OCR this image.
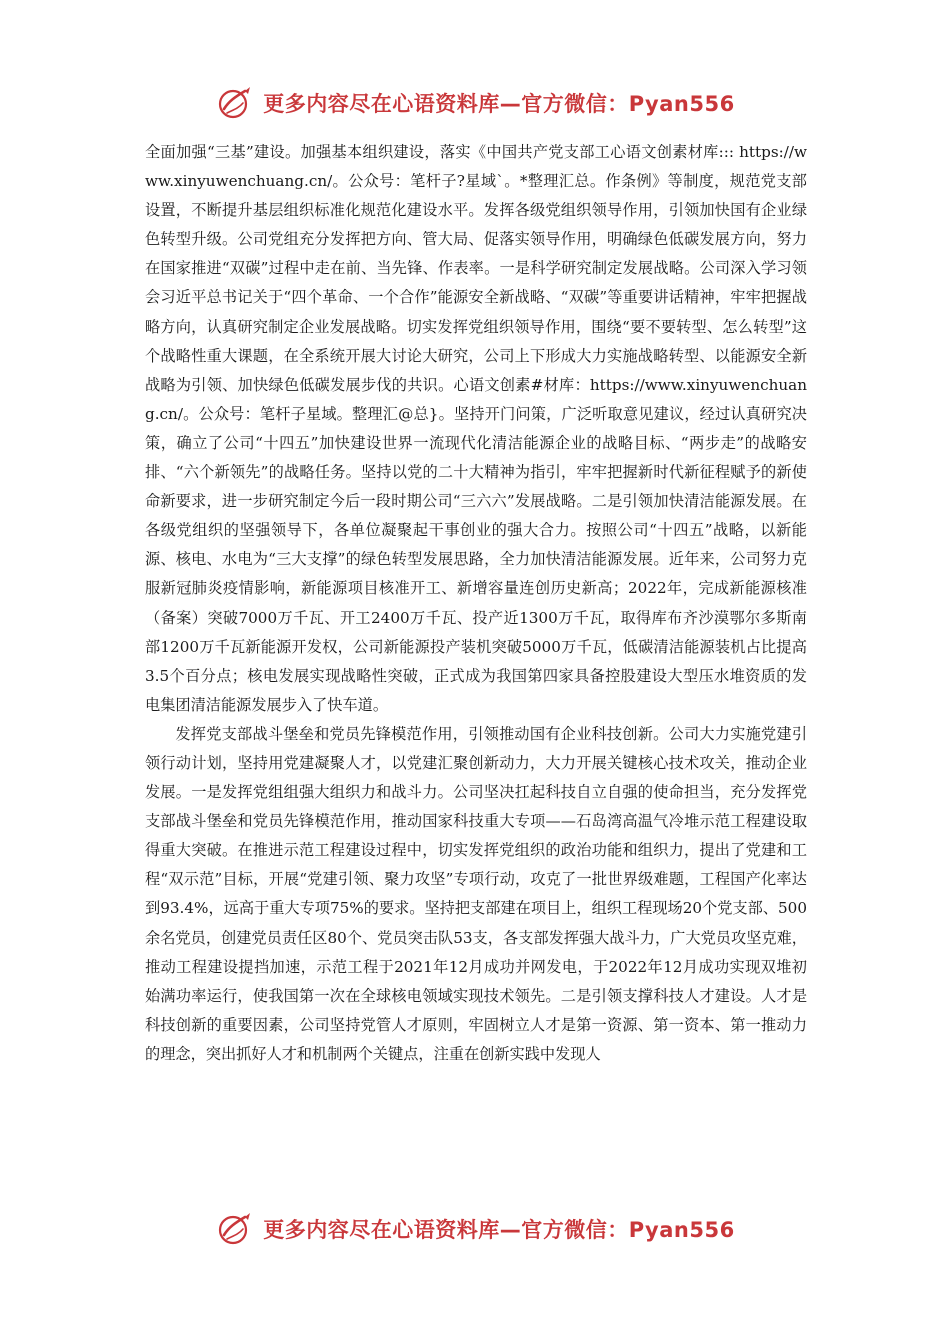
更多内容尽在心语资料库—官方微信：Pyan556

全面加强“三基”建设。加强基本组织建设，落实《中国共产党支部工心语文创素材库::: https://www.xinyuwenchuang.cn/。公众号：笔杆子?星域`。*整理汇总。作条例》等制度，规范党支部设置，不断提升基层组织标准化规范化建设水平。发挥各级党组织领导作用，引领加快国有企业绿色转型升级。公司党组充分发挥把方向、管大局、促落实领导作用，明确绿色低碳发展方向，努力在国家推进“双碳”过程中走在前、当先锋、作表率。一是科学研究制定发展战略。公司深入学习领会习近平总书记关于“四个革命、一个合作”能源安全新战略、“双碳”等重要讲话精神，牢牢把握战略方向，认真研究制定企业发展战略。切实发挥党组织领导作用，围绕“要不要转型、怎么转型”这个战略性重大课题，在全系统开展大讨论大研究，公司上下形成大力实施战略转型、以能源安全新战略为引领、加快绿色低碳发展步伐的共识。心语文创素#材库：https://www.xinyuwenchuang.cn/。公众号：笔杆子星域。整理汇@总}。坚持开门问策，广泛听取意见建议，经过认真研究决策，确立了公司“十四五”加快建设世界一流现代化清洁能源企业的战略目标、“两步走”的战略安排、“六个新领先”的战略任务。坚持以党的二十大精神为指引，牢牢把握新时代新征程赋予的新使命新要求，进一步研究制定今后一段时期公司“三六六”发展战略。二是引领加快清洁能源发展。在各级党组织的坚强领导下，各单位凝聚起干事创业的强大合力。按照公司“十四五”战略，以新能源、核电、水电为“三大支撑”的绿色转型发展思路，全力加快清洁能源发展。近年来，公司努力克服新冠肺炎疫情影响，新能源项目核准开工、新增容量连创历史新高；2022年，完成新能源核准（备案）突破7000万千瓦、开工2400万千瓦、投产近1300万千瓦，取得库布齐沙漠鄂尔多斯南部1200万千瓦新能源开发权，公司新能源投产装机突破5000万千瓦，低碳清洁能源装机占比提高3.5个百分点；核电发展实现战略性突破，正式成为我国第四家具备控股建设大型压水堆资质的发电集团清洁能源发展步入了快车道。

发挥党支部战斗堡垒和党员先锋模范作用，引领推动国有企业科技创新。公司大力实施党建引领行动计划，坚持用党建凝聚人才，以党建汇聚创新动力，大力开展关键核心技术攻关，推动企业发展。一是发挥党组组强大组织力和战斗力。公司坚决扛起科技自立自强的使命担当，充分发挥党支部战斗堡垒和党员先锋模范作用，推动国家科技重大专项——石岛湾高温气冷堆示范工程建设取得重大突破。在推进示范工程建设过程中，切实发挥党组织的政治功能和组织力，提出了党建和工程“双示范”目标，开展“党建引领、聚力攻坚”专项行动，攻克了一批世界级难题，工程国产化率达到93.4%，远高于重大专项75%的要求。坚持把支部建在项目上，组织工程现场20个党支部、500余名党员，创建党员责任区80个、党员突击队53支，各支部发挥强大战斗力，广大党员攻坚克难，推动工程建设提挡加速，示范工程于2021年12月成功并网发电，于2022年12月成功实现双堆初始满功率运行，使我国第一次在全球核电领域实现技术领先。二是引领支撑科技人才建设。人才是科技创新的重要因素，公司坚持党管人才原则，牢固树立人才是第一资源、第一资本、第一推动力的理念，突出抓好人才和机制两个关键点，注重在创新实践中发现人

更多内容尽在心语资料库—官方微信：Pyan556
